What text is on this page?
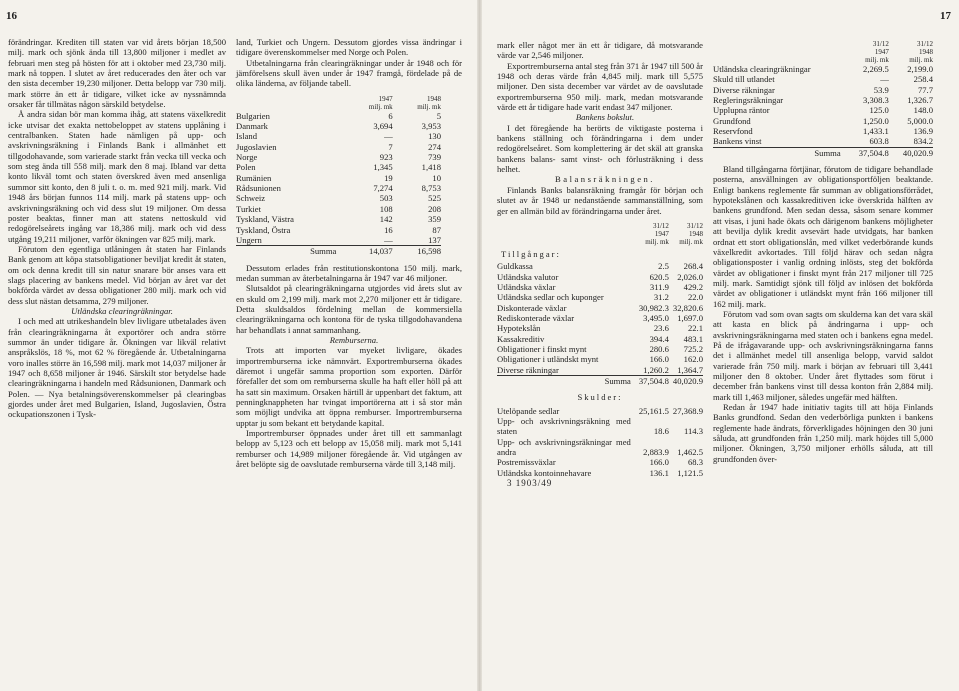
16

förändringar. Krediten till staten var vid årets början 18,500 milj. mark och sjönk ända till 13,800 miljoner i medlet av februari men steg på hösten för att i oktober med 23,730 milj. mark nå toppen. I slutet av året reducerades den åter och var den sista december 19,230 miljoner. Detta belopp var 730 milj. mark större än ett år tidigare, vilket icke av nyssnämnda orsaker får tillmätas någon särskild betydelse.

Å andra sidan bör man komma ihåg, att statens växelkredit icke utvisar det exakta nettobeloppet av statens upplåning i centralbanken. Staten hade nämligen på upp- och avskrivningsräkning i Finlands Bank i allmänhet ett tillgodohavande, som varierade starkt från vecka till vecka och som steg ända till 558 milj. mark den 8 maj. Ibland var detta konto likväl tomt och staten överskred även med ansenliga summor sitt konto, den 8 juli t. o. m. med 921 milj. mark. Vid 1948 års början funnos 114 milj. mark på statens upp- och avskrivningsräkning och vid dess slut 19 miljoner. Om dessa poster beaktas, finner man att statens nettoskuld vid redogörelseårets ingång var 18,386 milj. mark och vid dess utgång 19,211 miljoner, varför ökningen var 825 milj. mark.

Förutom den egentliga utlåningen åt staten har Finlands Bank genom att köpa statsobligationer beviljat kredit åt staten, om ock denna kredit till sin natur snarare bör anses vara ett slags placering av bankens medel. Vid början av året var det bokförda värdet av dessa obligationer 280 milj. mark och vid dess slut nästan detsamma, 279 miljoner.

Utländska clearingräkningar.

I och med att utrikeshandeln blev livligare utbetalades även från clearingräkningarna åt exportörer och andra större summor än under tidigare år. Ökningen var likväl relativt anspråkslös, 18 %, mot 62 % föregående år. Utbetalningarna voro inalles större än 16,598 milj. mark mot 14,037 miljoner år 1947 och 8,658 miljoner år 1946. Särskilt stor betydelse hade clearingräkningarna i handeln med Rådsunionen, Danmark och Polen. — Nya betalningsöverenskommelser på clearingbas gjordes under året med Bulgarien, Island, Jugoslavien, Östra ockupationszonen i Tysk-

land, Turkiet och Ungern. Dessutom gjordes vissa ändringar i tidigare överenskommelser med Norge och Polen.

Utbetalningarna från clearingräkningar under år 1948 och för jämförelsens skull även under år 1947 framgå, fördelade på de olika länderna, av följande tabell.

	1947	1948
	milj. mk	milj. mk
Bulgarien	6	5
Danmark	3,694	3,953
Island	—	130
Jugoslavien	7	274
Norge	923	739
Polen	1,345	1,418
Rumänien	19	10
Rådsunionen	7,274	8,753
Schweiz	503	525
Turkiet	108	208
Tyskland, Västra	142	359
Tyskland, Östra	16	87
Ungern	—	137
Summa	14,037	16,598

Dessutom erlades från restitutionskontona 150 milj. mark, medan summan av återbetalningarna år 1947 var 46 miljoner.

Slutsaldot på clearingräkningarna utgjordes vid årets slut av en skuld om 2,199 milj. mark mot 2,270 miljoner ett år tidigare. Detta skuldsaldos fördelning mellan de kommersiella clearingräkningarna och kontona för de tyska tillgodohavandena har behandlats i annat sammanhang.

Remburserna.

Trots att importen var myeket livligare, ökades importremburserna icke nämnvärt. Exportremburserna ökades däremot i ungefär samma proportion som exporten. Därför förefaller det som om remburserna skulle ha haft eller höll på att ha satt sin maximum. Orsaken härtill är uppenbart det faktum, att penningknappheten har tvingat importörerna att i så stor mån som möjligt undvika att öppna remburser. Importremburserna upptar ju som bekant ett betydande kapital.

Importremburser öppnades under året till ett sammanlagt belopp av 5,123 och ett belopp av 15,058 milj. mark mot 5,141 remburser och 14,989 miljoner föregående år. Vid utgången av året belöpte sig de oavslutade remburserna värde till 3,148 milj.

17

mark eller något mer än ett år tidigare, då motsvarande värde var 2,546 miljoner.

Exportremburserna antal steg från 371 år 1947 till 500 år 1948 och deras värde från 4,845 milj. mark till 5,575 miljoner. Den sista december var värdet av de oavslutade exportremburserna 950 milj. mark, medan motsvarande värde ett år tidigare hade varit endast 347 miljoner.

Bankens bokslut.

I det föregående ha berörts de viktigaste posterna i bankens ställning och förändringarna i dem under redogörelseåret. Som komplettering är det skäl att granska bankens balans- samt vinst- och förlusträkning i dess helhet.

Balansräkningen.

Finlands Banks balansräkning framgår för början och slutet av år 1948 ur nedanstående sammanställning, som ger en allmän bild av förändringarna under året.

	31/12	31/12
	1947	1948
	milj. mk	milj. mk
Tillgångar:		
Guldkassa	2.5	268.4
Utländska valutor	620.5	2,026.0
Utländska växlar	311.9	429.2
Utländska sedlar och kuponger	31.2	22.0
Diskonterade växlar	30,982.3	32,820.6
Rediskonterade växlar	3,495.0	1,697.0
Hypotekslån	23.6	22.1
Kassakreditiv	394.4	483.1
Obligationer i finskt mynt	280.6	725.2
Obligationer i utländskt mynt	166.0	162.0
Diverse räkningar	1,260.2	1,364.7
Summa	37,504.8	40,020.9
Skulder:		
Utelöpande sedlar	25,161.5	27,368.9
Upp- och avskrivningsräkning med staten	18.6	114.3
Upp- och avskrivningsräkningar med andra	2,883.9	1,462.5
Postremissväxlar	166.0	68.3
Utländska kontoinnehavare	136.1	1,121.5

3 1903/49

	31/12	31/12
	1947	1948
	milj. mk	milj. mk
Utländska clearingräkningar	2,269.5	2,199.0
Skuld till utlandet	—	258.4
Diverse räkningar	53.9	77.7
Regleringsräkningar	3,308.3	1,326.7
Upplupna räntor	125.0	148.0
Grundfond	1,250.0	5,000.0
Reservfond	1,433.1	136.9
Bankens vinst	603.8	834.2
Summa	37,504.8	40,020.9

Bland tillgångarna förtjänar, förutom de tidigare behandlade posterna, ansvällningen av obligationsportföljen beaktande. Enligt bankens reglemente får summan av obligationsförrådet, hypotekslånen och kassakreditiven icke överskrida hälften av bankens grundfond. Men sedan dessa, såsom senare kommer att visas, i juni hade ökats och därigenom bankens möjligheter att bevilja dylik kredit avsevärt hade utvidgats, har banken ordnat ett stort obligationslån, med vilket vederbörande kunds växelkredit avkortades. Till följd härav och sedan några obligationsposter i vanlig ordning inlösts, steg det bokförda värdet av obligationer i finskt mynt från 217 miljoner till 725 milj. mark. Samtidigt sjönk till följd av inlösen det bokförda värdet av obligationer i utländskt mynt från 166 miljoner till 162 milj. mark.

Förutom vad som ovan sagts om skulderna kan det vara skäl att kasta en blick på ändringarna i upp- och avskrivningsräkningarna med staten och i bankens egna medel. På de ifrågavarande upp- och avskrivningsräkningarna fanns det i allmänhet medel till ansenliga belopp, varvid saldot varierade från 750 milj. mark i början av februari till 3,441 miljoner den 8 oktober. Under året flyttades som förut i december från bankens vinst till dessa konton från 2,884 milj. mark till 1,463 miljoner, således ungefär med hälften.

Redan år 1947 hade initiativ tagits till att höja Finlands Banks grundfond. Sedan den vederbörliga punkten i bankens reglemente hade ändrats, förverkligades höjningen den 30 juni såluda, att grundfonden från 1,250 milj. mark höjdes till 5,000 miljoner. Ökningen, 3,750 miljoner erhölls såluda, att till grundfonden över-
